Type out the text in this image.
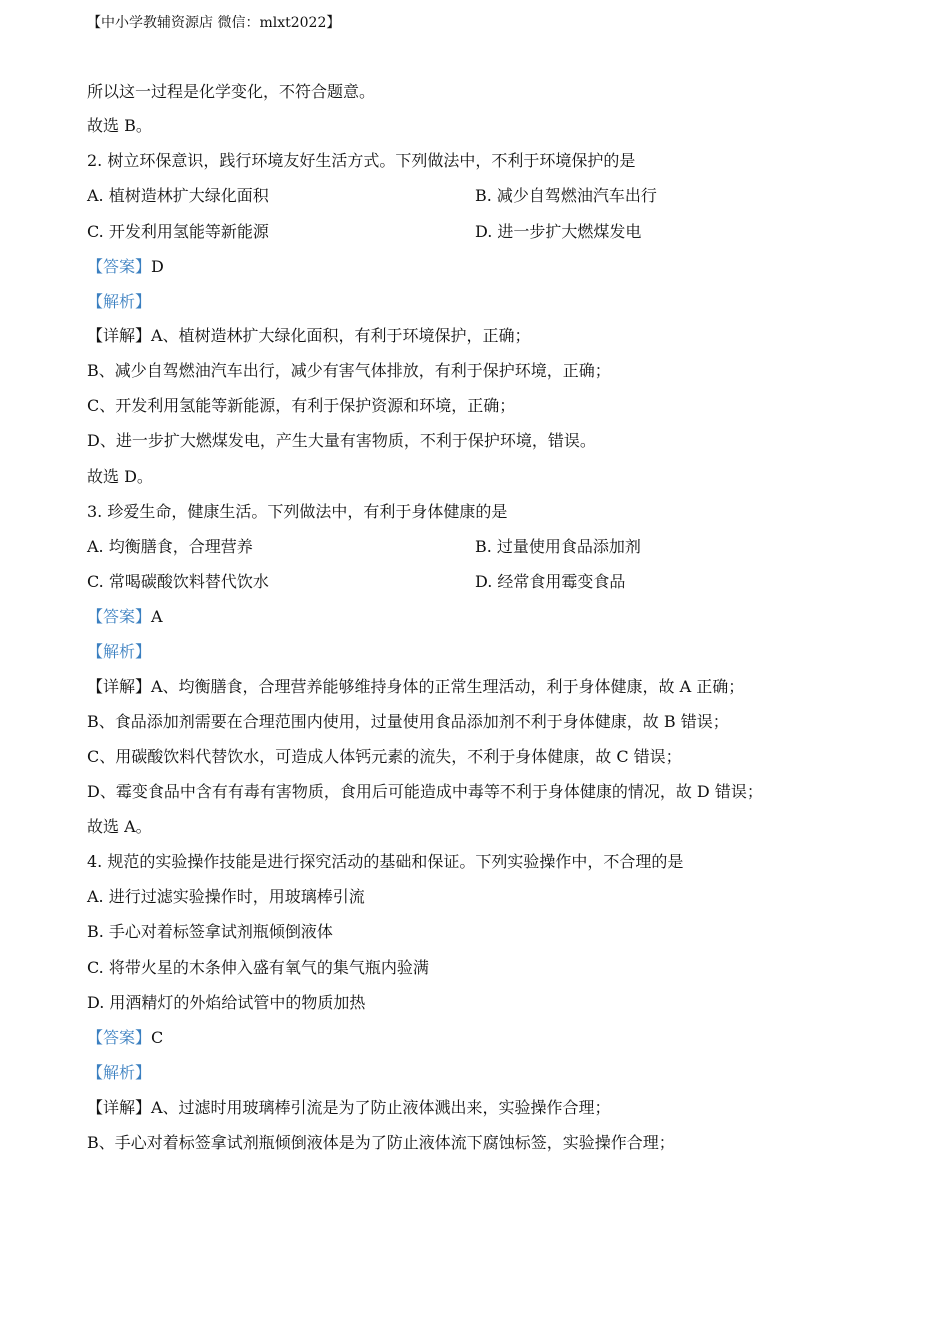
【中小学教辅资源店 微信：mlxt2022】
所以这一过程是化学变化，不符合题意。
故选 B。
2. 树立环保意识，践行环境友好生活方式。下列做法中，不利于环境保护的是
A. 植树造林扩大绿化面积	B. 减少自驾燃油汽车出行
C. 开发利用氢能等新能源	D. 进一步扩大燃煤发电
【答案】D
【解析】
【详解】A、植树造林扩大绿化面积，有利于环境保护，正确；
B、减少自驾燃油汽车出行，减少有害气体排放，有利于保护环境，正确；
C、开发利用氢能等新能源，有利于保护资源和环境，正确；
D、进一步扩大燃煤发电，产生大量有害物质，不利于保护环境，错误。
故选 D。
3. 珍爱生命，健康生活。下列做法中，有利于身体健康的是
A. 均衡膳食，合理营养	B. 过量使用食品添加剂
C. 常喝碳酸饮料替代饮水	D. 经常食用霉变食品
【答案】A
【解析】
【详解】A、均衡膳食，合理营养能够维持身体的正常生理活动，利于身体健康，故 A 正确；
B、食品添加剂需要在合理范围内使用，过量使用食品添加剂不利于身体健康，故 B 错误；
C、用碳酸饮料代替饮水，可造成人体钙元素的流失，不利于身体健康，故 C 错误；
D、霉变食品中含有有毒有害物质，食用后可能造成中毒等不利于身体健康的情况，故 D 错误；
故选 A。
4. 规范的实验操作技能是进行探究活动的基础和保证。下列实验操作中，不合理的是
A. 进行过滤实验操作时，用玻璃棒引流
B. 手心对着标签拿试剂瓶倾倒液体
C. 将带火星的木条伸入盛有氧气的集气瓶内验满
D. 用酒精灯的外焰给试管中的物质加热
【答案】C
【解析】
【详解】A、过滤时用玻璃棒引流是为了防止液体溅出来，实验操作合理；
B、手心对着标签拿试剂瓶倾倒液体是为了防止液体流下腐蚀标签，实验操作合理；
